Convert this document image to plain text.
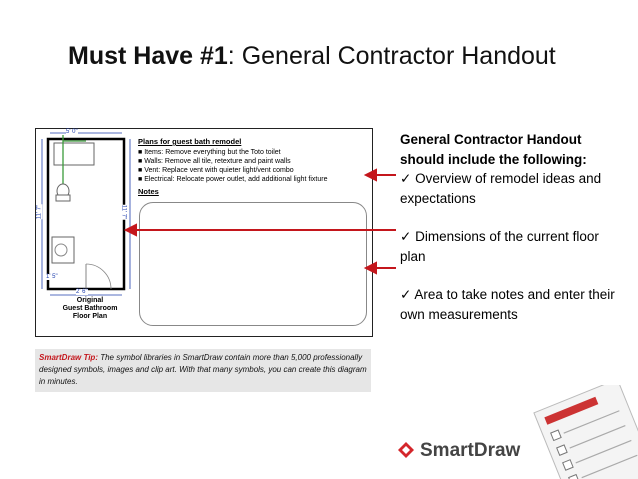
Must Have #1: General Contractor Handout
5' 0"
11' 7"	11' 7"
1' 5"
2' 6"
Original
Guest Bathroom
Floor Plan
Plans for guest bath remodel
■ Items: Remove everything but the Toto toilet
■ Walls: Remove all tile, retexture and paint walls
■ Vent: Replace vent with quieter light/vent combo
■ Electrical: Relocate power outlet, add additional light fixture
Notes
SmartDraw Tip: The symbol libraries in SmartDraw contain more than 5,000 professionally designed symbols, images and clip art. With that many symbols, you can create this diagram in minutes.
General Contractor Handout should include the following:
✓ Overview of remodel ideas and expectations
✓ Dimensions of the current floor plan
✓ Area to take notes and enter their own measurements
SmartDraw
